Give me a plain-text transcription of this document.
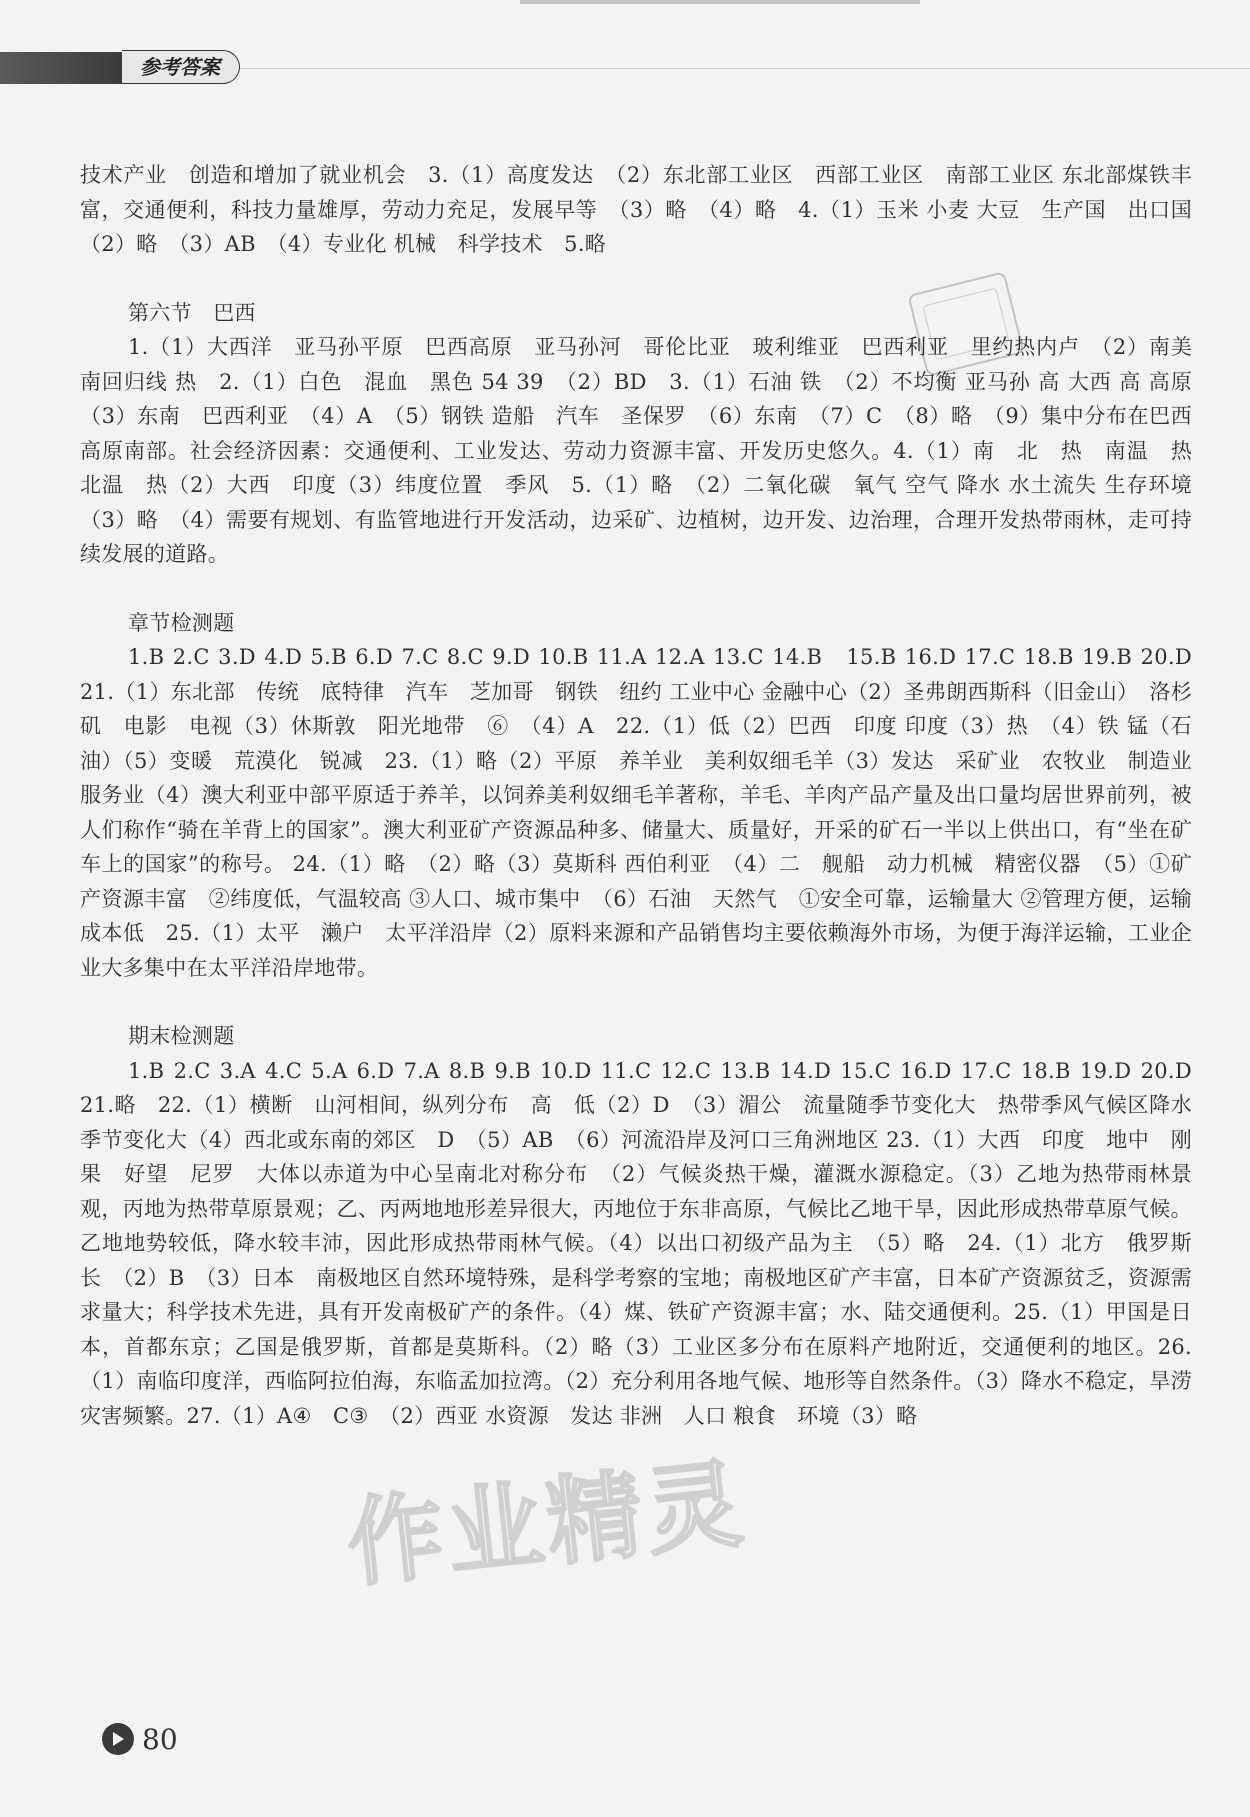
参考答案

技术产业　创造和增加了就业机会　3.（1）高度发达　（2）东北部工业区　西部工业区　南部工业区 东北部煤铁丰富，交通便利，科技力量雄厚，劳动力充足，发展早等　（3）略　（4）略　4.（1）玉米 小麦 大豆　生产国　出口国　（2）略　（3）AB　（4）专业化 机械　科学技术　5.略

第六节　巴西

1.（1）大西洋　亚马孙平原　巴西高原　亚马孙河　哥伦比亚　玻利维亚　巴西利亚　里约热内卢　（2）南美　南回归线 热　2.（1）白色　混血　黑色 54 39　（2）BD　3.（1）石油 铁　（2）不均衡 亚马孙 高 大西 高 高原　（3）东南　巴西利亚　（4）A　（5）钢铁 造船　汽车　圣保罗　（6）东南　（7）C　（8）略　（9）集中分布在巴西高原南部。社会经济因素：交通便利、工业发达、劳动力资源丰富、开发历史悠久。4.（1）南　北　热　南温　热　北温　热（2）大西　印度（3）纬度位置　季风　5.（1）略　（2）二氧化碳　氧气 空气 降水 水土流失 生存环境　（3）略　（4）需要有规划、有监管地进行开发活动，边采矿、边植树，边开发、边治理，合理开发热带雨林，走可持续发展的道路。

章节检测题

1.B 2.C 3.D 4.D 5.B 6.D 7.C 8.C 9.D 10.B 11.A 12.A 13.C 14.B　15.B 16.D 17.C 18.B 19.B 20.D　21.（1）东北部　传统　底特律　汽车　芝加哥　钢铁　纽约 工业中心 金融中心（2）圣弗朗西斯科（旧金山）　洛杉矶　电影　电视（3）休斯敦　阳光地带　⑥　（4）A　22.（1）低（2）巴西　印度 印度（3）热　（4）铁 锰（石油）（5）变暖　荒漠化　锐减　23.（1）略（2）平原　养羊业　美利奴细毛羊（3）发达　采矿业　农牧业　制造业　服务业（4）澳大利亚中部平原适于养羊，以饲养美利奴细毛羊著称，羊毛、羊肉产品产量及出口量均居世界前列，被人们称作“骑在羊背上的国家”。澳大利亚矿产资源品种多、储量大、质量好，开采的矿石一半以上供出口，有“坐在矿车上的国家”的称号。 24.（1）略　（2）略（3）莫斯科 西伯利亚　（4）二　舰船　动力机械　精密仪器　（5）①矿产资源丰富　②纬度低，气温较高 ③人口、城市集中　（6）石油　天然气　①安全可靠，运输量大 ②管理方便，运输成本低　25.（1）太平　濑户　太平洋沿岸（2）原料来源和产品销售均主要依赖海外市场，为便于海洋运输，工业企业大多集中在太平洋沿岸地带。

期末检测题

1.B 2.C 3.A 4.C 5.A 6.D 7.A 8.B 9.B 10.D 11.C 12.C 13.B 14.D 15.C 16.D 17.C 18.B 19.D 20.D　21.略　22.（1）横断　山河相间，纵列分布　高　低（2）D　（3）湄公　流量随季节变化大　热带季风气候区降水季节变化大（4）西北或东南的郊区　D　（5）AB　（6）河流沿岸及河口三角洲地区 23.（1）大西　印度　地中　刚果　好望　尼罗　大体以赤道为中心呈南北对称分布　（2）气候炎热干燥，灌溉水源稳定。（3）乙地为热带雨林景观，丙地为热带草原景观；乙、丙两地地形差异很大，丙地位于东非高原，气候比乙地干旱，因此形成热带草原气候。乙地地势较低，降水较丰沛，因此形成热带雨林气候。（4）以出口初级产品为主　（5）略　24.（1）北方　俄罗斯　长　（2）B　（3）日本　南极地区自然环境特殊，是科学考察的宝地；南极地区矿产丰富，日本矿产资源贫乏，资源需求量大；科学技术先进，具有开发南极矿产的条件。（4）煤、铁矿产资源丰富；水、陆交通便利。25.（1）甲国是日本，首都东京；乙国是俄罗斯，首都是莫斯科。（2）略（3）工业区多分布在原料产地附近，交通便利的地区。26.（1）南临印度洋，西临阿拉伯海，东临孟加拉湾。（2）充分利用各地气候、地形等自然条件。（3）降水不稳定，旱涝灾害频繁。27.（1）A④　C③　（2）西亚 水资源　发达 非洲　人口 粮食　环境（3）略

作业精灵
80
